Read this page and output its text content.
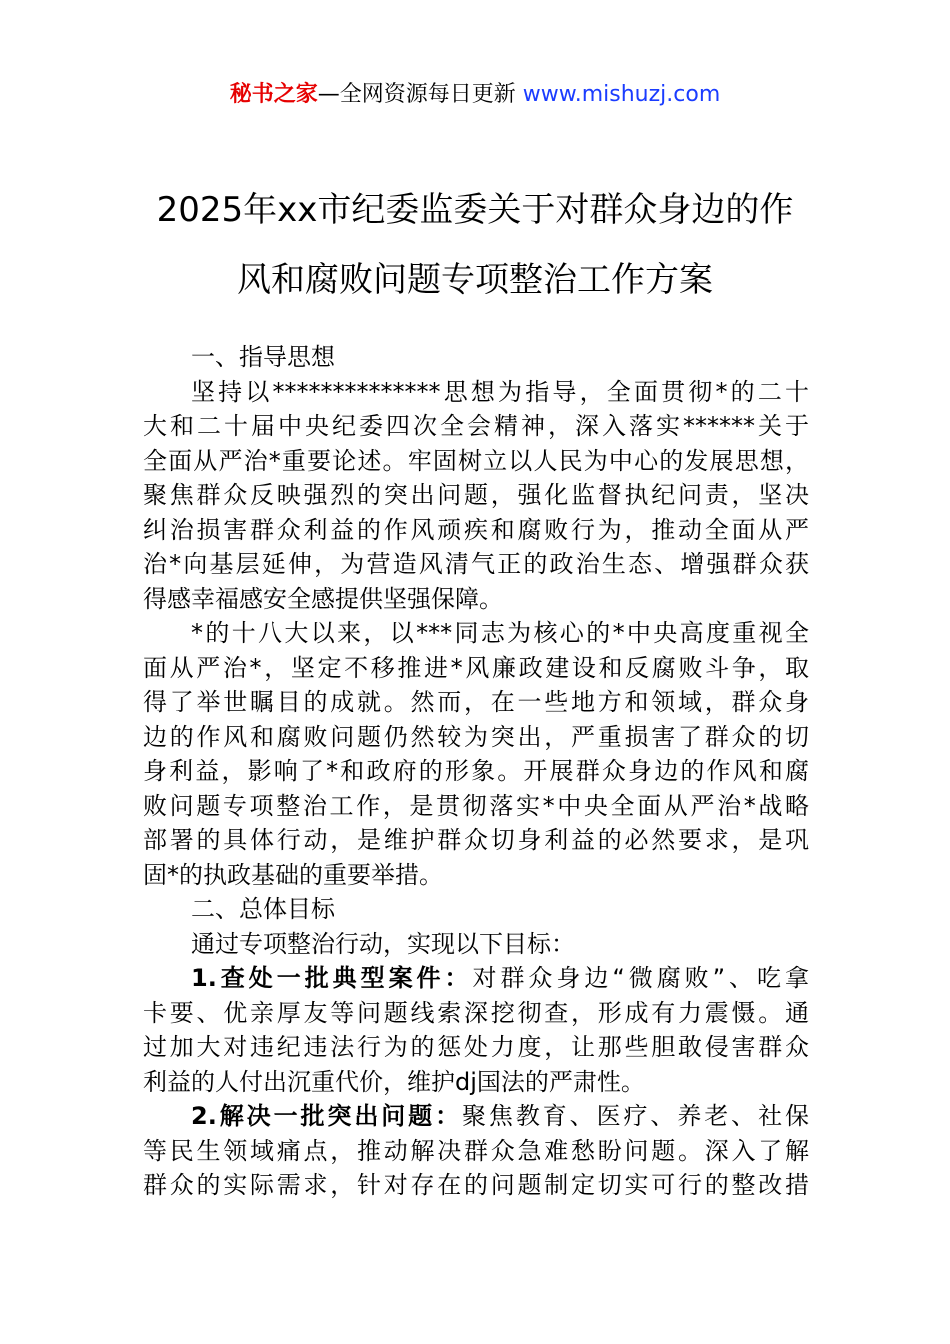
秘书之家—全网资源每日更新 www.mishuzj.com
2025年xx市纪委监委关于对群众身边的作
风和腐败问题专项整治工作方案

一、指导思想

坚持以**************思想为指导，全面贯彻*的二十
大和二十届中央纪委四次全会精神，深入落实******关于
全面从严治*重要论述。牢固树立以人民为中心的发展思想，
聚焦群众反映强烈的突出问题，强化监督执纪问责，坚决
纠治损害群众利益的作风顽疾和腐败行为，推动全面从严
治*向基层延伸，为营造风清气正的政治生态、增强群众获
得感幸福感安全感提供坚强保障。

*的十八大以来，以***同志为核心的*中央高度重视全
面从严治*，坚定不移推进*风廉政建设和反腐败斗争，取
得了举世瞩目的成就。然而，在一些地方和领域，群众身
边的作风和腐败问题仍然较为突出，严重损害了群众的切
身利益，影响了*和政府的形象。开展群众身边的作风和腐
败问题专项整治工作，是贯彻落实*中央全面从严治*战略
部署的具体行动，是维护群众切身利益的必然要求，是巩
固*的执政基础的重要举措。

二、总体目标

通过专项整治行动，实现以下目标：

1.查处一批典型案件：对群众身边“微腐败”、吃拿
卡要、优亲厚友等问题线索深挖彻查，形成有力震慑。通
过加大对违纪违法行为的惩处力度，让那些胆敢侵害群众
利益的人付出沉重代价，维护dj国法的严肃性。

2.解决一批突出问题：聚焦教育、医疗、养老、社保
等民生领域痛点，推动解决群众急难愁盼问题。深入了解
群众的实际需求，针对存在的问题制定切实可行的整改措
